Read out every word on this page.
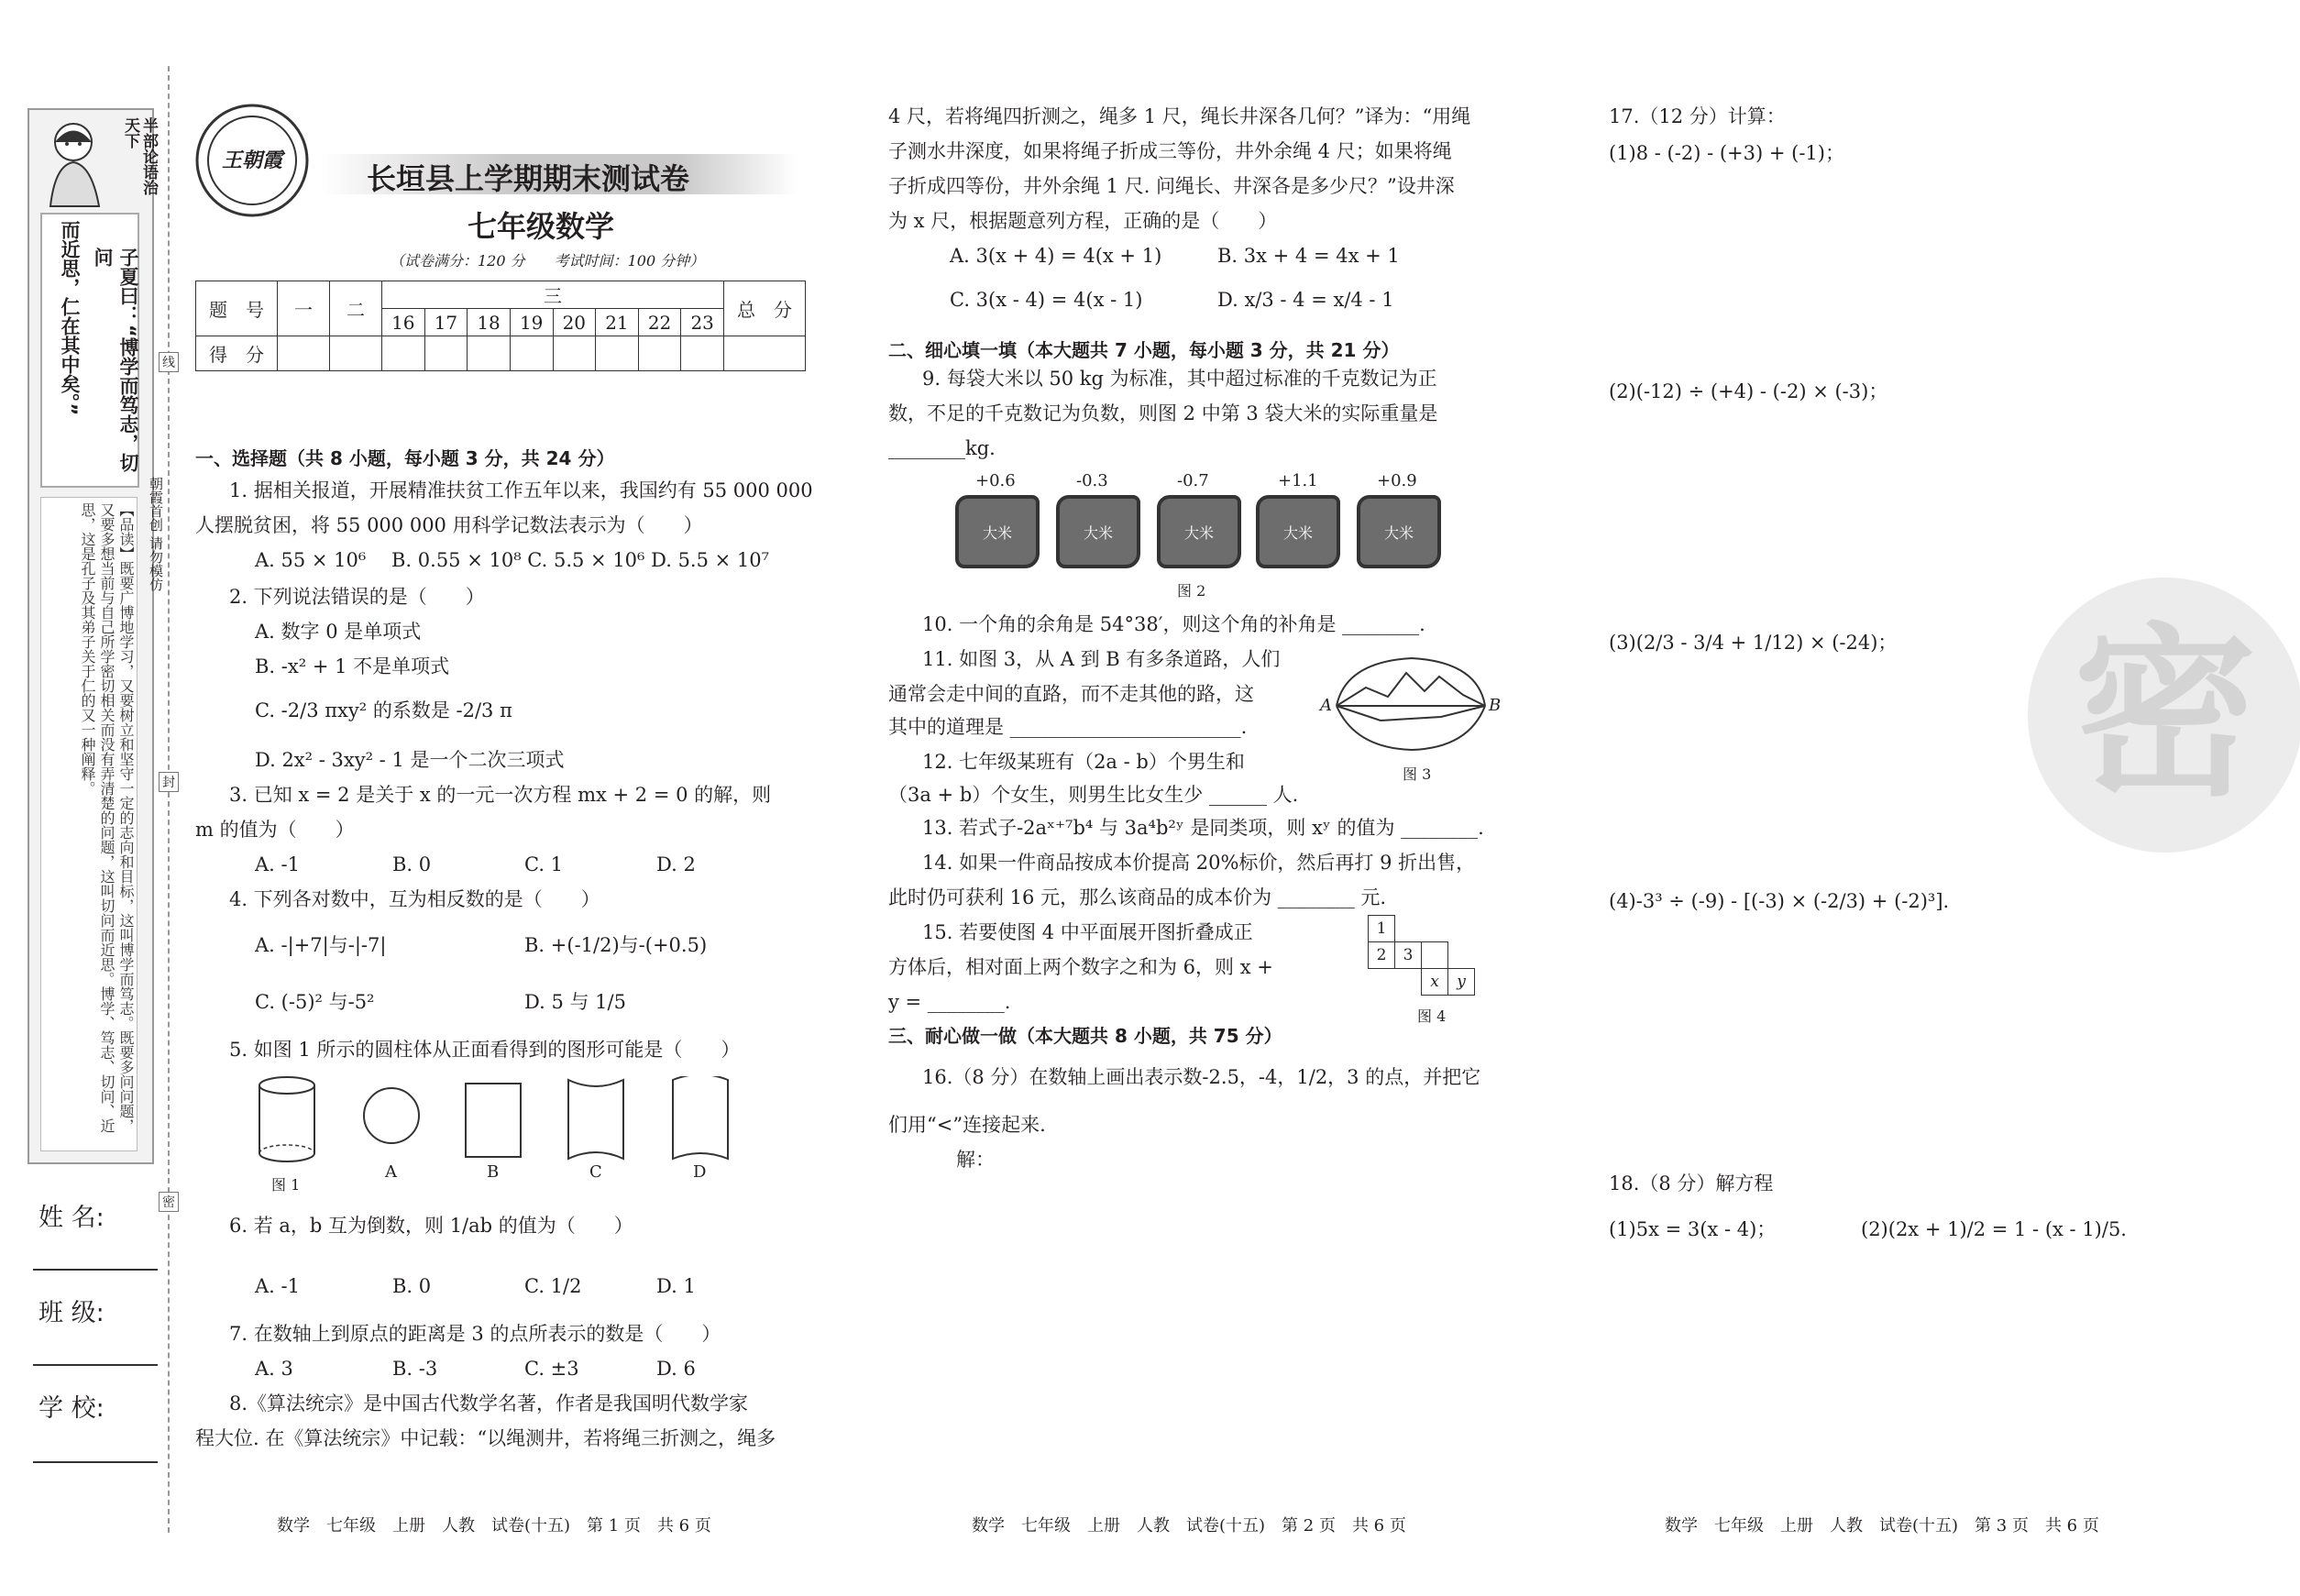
半部论语治天下
子夏曰：“博学而笃志，切问
而近思，仁在其中矣。”
【品读】既要广博地学习，又要树立和坚守一定的志向和目标，这叫博学而笃志。既要多问问题，又要多想当前与自己所学密切相关而没有弄清楚的问题，这叫切问而近思。博学、笃志、切问、近思，这是孔子及其弟子关于仁的又一种阐释。
线
封
密
朝霞首创 请勿模仿
姓 名:
班 级:
学 校:
王朝霞
长垣县上学期期末测试卷
七年级数学
（试卷满分：120 分　　考试时间：100 分钟）
题　号	一	二	三								总　分
			16	17	18	19	20	21	22	23	
得　分											
一、选择题（共 8 小题，每小题 3 分，共 24 分）
1. 据相关报道，开展精准扶贫工作五年以来，我国约有 55 000 000
人摆脱贫困，将 55 000 000 用科学记数法表示为（　　）
A. 55 × 10⁶　 B. 0.55 × 10⁸ C. 5.5 × 10⁶ D. 5.5 × 10⁷
2. 下列说法错误的是（　　）
A. 数字 0 是单项式
B. -x² + 1 不是单项式
C. -2/3 πxy² 的系数是 -2/3 π
D. 2x² - 3xy² - 1 是一个二次三项式
3. 已知 x = 2 是关于 x 的一元一次方程 mx + 2 = 0 的解，则
m 的值为（　　）
A. -1	B. 0	C. 1	D. 2
4. 下列各对数中，互为相反数的是（　　）
A. -|+7|与-|-7|	B. +(-1/2)与-(+0.5)
C. (-5)² 与-5²	D. 5 与 1/5
5. 如图 1 所示的圆柱体从正面看得到的图形可能是（　　）
图 1
A	B	C	D
6. 若 a，b 互为倒数，则 1/ab 的值为（　　）
A. -1	B. 0	C. 1/2	D. 1
7. 在数轴上到原点的距离是 3 的点所表示的数是（　　）
A. 3	B. -3	C. ±3	D. 6
8.《算法统宗》是中国古代数学名著，作者是我国明代数学家
程大位. 在《算法统宗》中记载：“以绳测井，若将绳三折测之，绳多
数学　七年级　上册　人教　试卷(十五)　第 1 页　共 6 页
4 尺，若将绳四折测之，绳多 1 尺，绳长井深各几何？”译为：“用绳
子测水井深度，如果将绳子折成三等份，井外余绳 4 尺；如果将绳
子折成四等份，井外余绳 1 尺. 问绳长、井深各是多少尺？”设井深
为 x 尺，根据题意列方程，正确的是（　　）
A. 3(x + 4) = 4(x + 1)	B. 3x + 4 = 4x + 1
C. 3(x - 4) = 4(x - 1)	D. x/3 - 4 = x/4 - 1
二、细心填一填（本大题共 7 小题，每小题 3 分，共 21 分）
9. 每袋大米以 50 kg 为标准，其中超过标准的千克数记为正
数，不足的千克数记为负数，则图 2 中第 3 袋大米的实际重量是
________kg.
+0.6	-0.3	-0.7	+1.1	+0.9
大米	大米	大米	大米	大米
图 2
10. 一个角的余角是 54°38′，则这个角的补角是 ________.
11. 如图 3，从 A 到 B 有多条道路，人们
通常会走中间的直路，而不走其他的路，这
其中的道理是 ________________________.
A	B
图 3
12. 七年级某班有（2a - b）个男生和
（3a + b）个女生，则男生比女生少 ______ 人.
13. 若式子-2aˣ⁺⁷b⁴ 与 3a⁴b²ʸ 是同类项，则 xʸ 的值为 ________.
14. 如果一件商品按成本价提高 20%标价，然后再打 9 折出售，
此时仍可获利 16 元，那么该商品的成本价为 ________ 元.
15. 若要使图 4 中平面展开图折叠成正
方体后，相对面上两个数字之和为 6，则 x +
y = ________.
1
2	3
x	y
图 4
三、耐心做一做（本大题共 8 小题，共 75 分）
16.（8 分）在数轴上画出表示数-2.5，-4，1/2，3 的点，并把它
们用“<”连接起来.
解：
数学　七年级　上册　人教　试卷(十五)　第 2 页　共 6 页
密
17.（12 分）计算：
(1)8 - (-2) - (+3) + (-1)；
(2)(-12) ÷ (+4) - (-2) × (-3)；
(3)(2/3 - 3/4 + 1/12) × (-24)；
(4)-3³ ÷ (-9) - [(-3) × (-2/3) + (-2)³].
18.（8 分）解方程
(1)5x = 3(x - 4)；	(2)(2x + 1)/2 = 1 - (x - 1)/5.
数学　七年级　上册　人教　试卷(十五)　第 3 页　共 6 页
